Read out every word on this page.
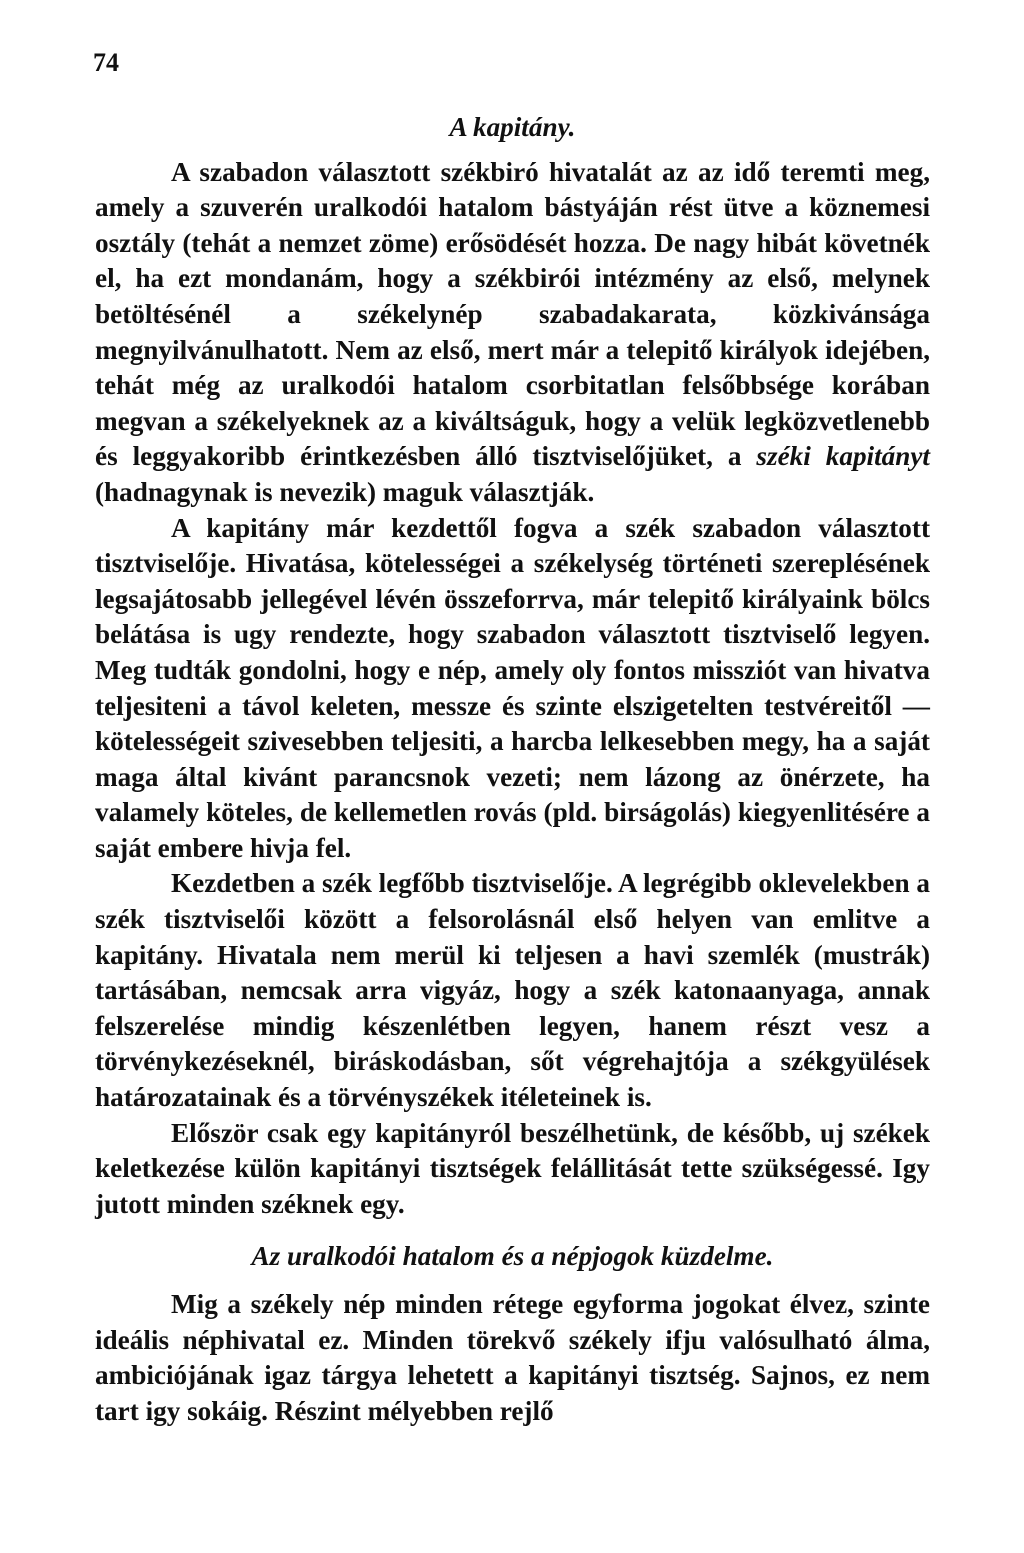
74

A kapitány.

A szabadon választott székbiró hivatalát az az idő teremti meg, amely a szuverén uralkodói hatalom bástyáján rést ütve a köznemesi osztály (tehát a nemzet zöme) erősödését hozza. De nagy hibát követnék el, ha ezt mondanám, hogy a székbirói intézmény az első, melynek betöltésénél a székelynép szabadakarata, közkivánsága megnyilvánulhatott. Nem az első, mert már a telepitő királyok idejében, tehát még az uralkodói hatalom csorbitatlan felsőbbsége korában megvan a székelyeknek az a kiváltságuk, hogy a velük legközvetlenebb és leggyakoribb érintkezésben álló tisztviselőjüket, a széki kapitányt (hadnagynak is nevezik) maguk választják.

A kapitány már kezdettől fogva a szék szabadon választott tisztviselője. Hivatása, kötelességei a székelység történeti szereplésének legsajátosabb jellegével lévén összeforrva, már telepitő királyaink bölcs belátása is ugy rendezte, hogy szabadon választott tisztviselő legyen. Meg tudták gondolni, hogy e nép, amely oly fontos missziót van hivatva teljesiteni a távol keleten, messze és szinte elszigetelten testvéreitől — kötelességeit szivesebben teljesiti, a harcba lelkesebben megy, ha a saját maga által kivánt parancsnok vezeti; nem lázong az önérzete, ha valamely köteles, de kellemetlen rovás (pld. birságolás) kiegyenlitésére a saját embere hivja fel.

Kezdetben a szék legfőbb tisztviselője. A legrégibb oklevelekben a szék tisztviselői között a felsorolásnál első helyen van emlitve a kapitány. Hivatala nem merül ki teljesen a havi szemlék (mustrák) tartásában, nemcsak arra vigyáz, hogy a szék katonaanyaga, annak felszerelése mindig készenlétben legyen, hanem részt vesz a törvénykezéseknél, biráskodásban, sőt végrehajtója a székgyülések határozatainak és a törvényszékek itéleteinek is.

Először csak egy kapitányról beszélhetünk, de később, uj székek keletkezése külön kapitányi tisztségek felállitását tette szükségessé. Igy jutott minden széknek egy.

Az uralkodói hatalom és a népjogok küzdelme.

Mig a székely nép minden rétege egyforma jogokat élvez, szinte ideális néphivatal ez. Minden törekvő székely ifju valósulható álma, ambiciójának igaz tárgya lehetett a kapitányi tisztség. Sajnos, ez nem tart igy sokáig. Részint mélyebben rejlő
